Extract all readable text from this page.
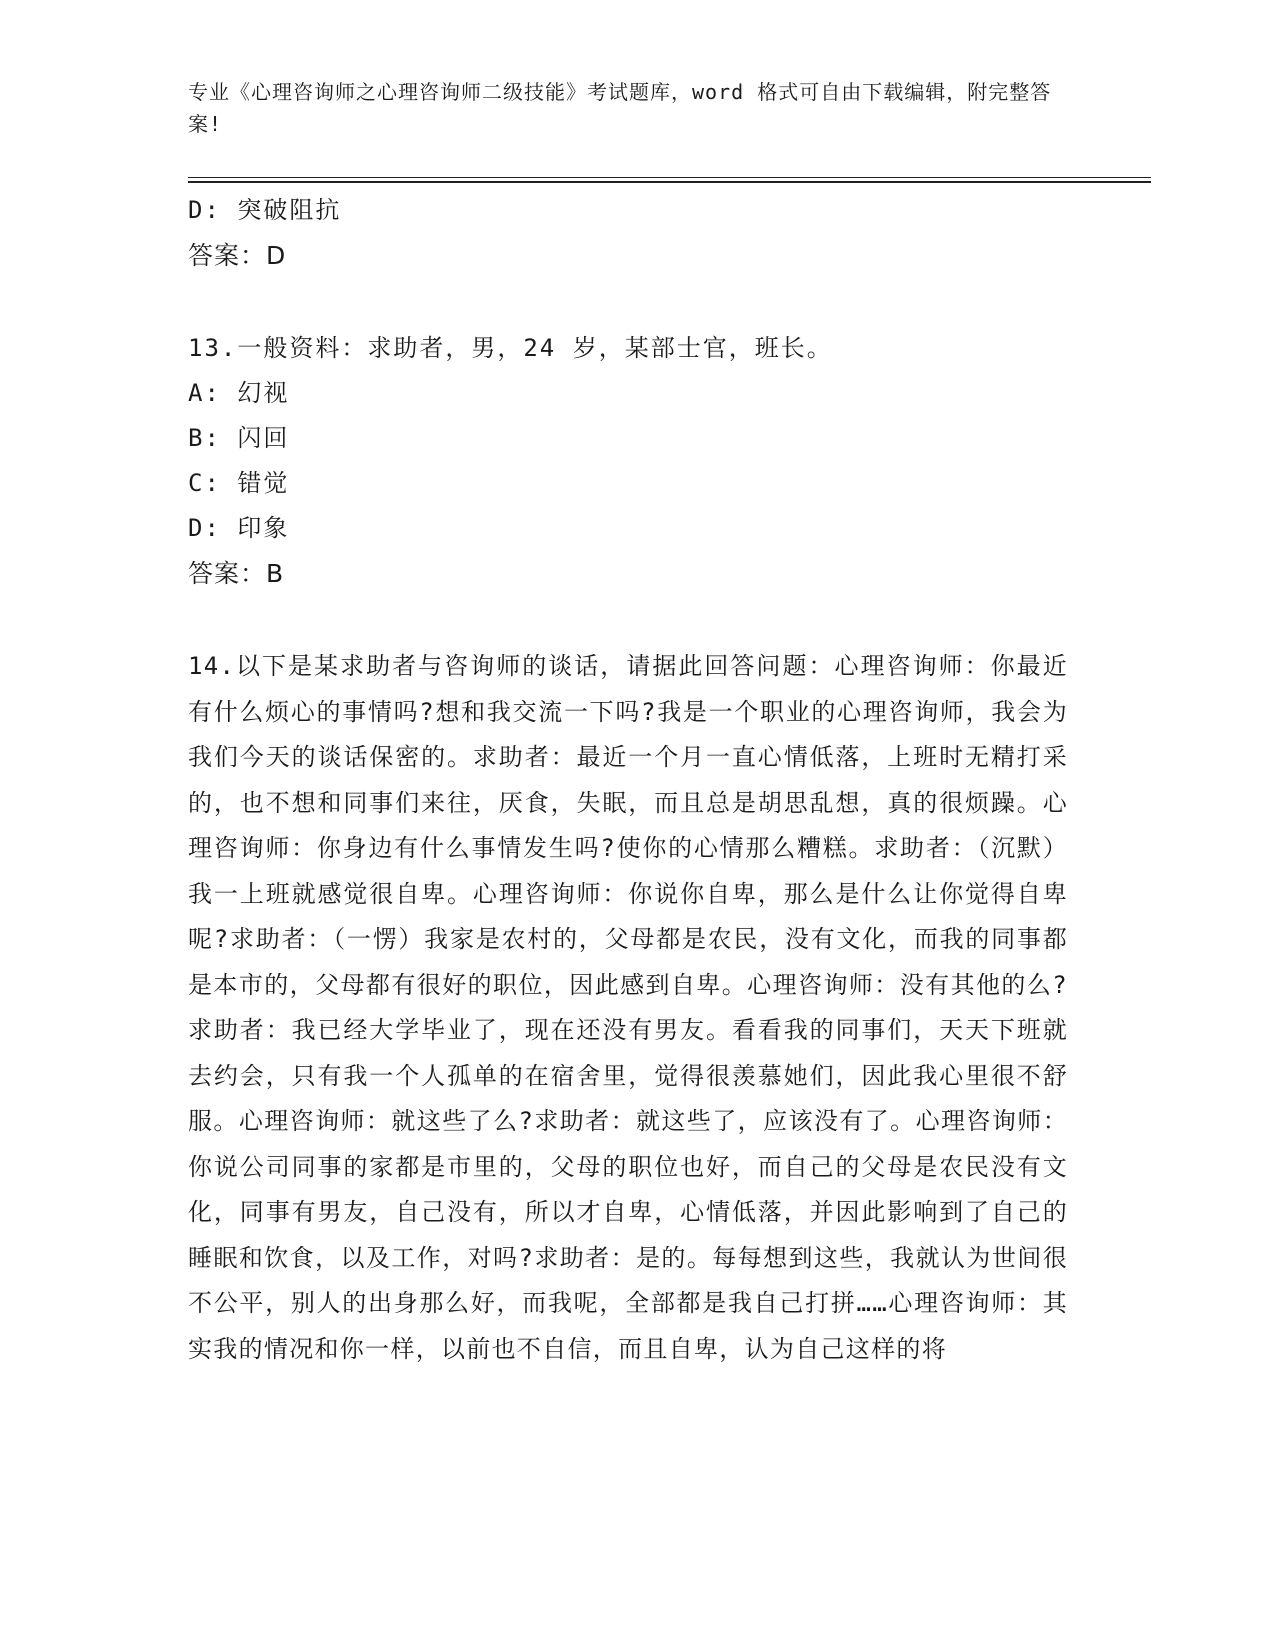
专业《心理咨询师之心理咨询师二级技能》考试题库，word 格式可自由下载编辑，附完整答案!
D: 突破阻抗
答案：D
13.一般资料：求助者，男，24 岁，某部士官，班长。
A: 幻视
B: 闪回
C: 错觉
D: 印象
答案：B
14.以下是某求助者与咨询师的谈话，请据此回答问题：心理咨询师：你最近有什么烦心的事情吗?想和我交流一下吗?我是一个职业的心理咨询师，我会为我们今天的谈话保密的。求助者：最近一个月一直心情低落，上班时无精打采的，也不想和同事们来往，厌食，失眠，而且总是胡思乱想，真的很烦躁。心理咨询师：你身边有什么事情发生吗?使你的心情那么糟糕。求助者：（沉默）我一上班就感觉很自卑。心理咨询师：你说你自卑，那么是什么让你觉得自卑呢?求助者：（一愣）我家是农村的，父母都是农民，没有文化，而我的同事都是本市的，父母都有很好的职位，因此感到自卑。心理咨询师：没有其他的么?求助者：我已经大学毕业了，现在还没有男友。看看我的同事们，天天下班就去约会，只有我一个人孤单的在宿舍里，觉得很羡慕她们，因此我心里很不舒服。心理咨询师：就这些了么?求助者：就这些了，应该没有了。心理咨询师：你说公司同事的家都是市里的，父母的职位也好，而自己的父母是农民没有文化，同事有男友，自己没有，所以才自卑，心情低落，并因此影响到了自己的睡眠和饮食，以及工作，对吗?求助者：是的。每每想到这些，我就认为世间很不公平，别人的出身那么好，而我呢，全部都是我自己打拼……心理咨询师：其实我的情况和你一样，以前也不自信，而且自卑，认为自己这样的将
